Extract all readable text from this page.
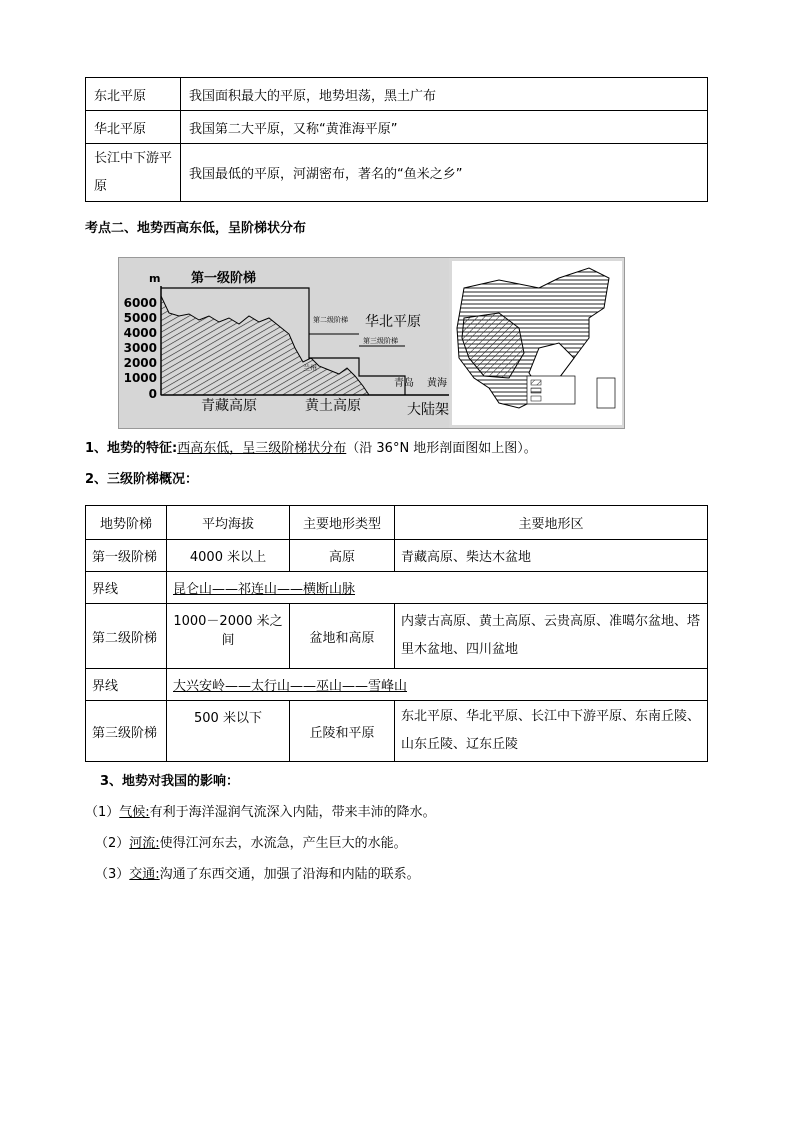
东北平原	我国面积最大的平原，地势坦荡，黑土广布
华北平原	我国第二大平原，又称“黄淮海平原”
长江中下游平原	我国最低的平原，河湖密布，著名的“鱼米之乡”
考点二、地势西高东低，呈阶梯状分布
m
6000
5000
4000
3000
2000
1000
0
第一级阶梯
第二级阶梯 华北平原
第三级阶梯
兰州
青岛 黄海
青藏高原	黄土高原	大陆架
1、地势的特征:西高东低，呈三级阶梯状分布（沿 36°N 地形剖面图如上图）。
2、三级阶梯概况：
地势阶梯	平均海拔	主要地形类型	主要地形区
第一级阶梯	4000 米以上	高原	青藏高原、柴达木盆地
界线	昆仑山——祁连山——横断山脉		
第二级阶梯	1000－2000 米之间	盆地和高原	内蒙古高原、黄土高原、云贵高原、准噶尔盆地、塔里木盆地、四川盆地
界线	大兴安岭——太行山——巫山——雪峰山		
第三级阶梯	500 米以下	丘陵和平原	东北平原、华北平原、长江中下游平原、东南丘陵、山东丘陵、辽东丘陵
3、地势对我国的影响：
（1）气候:有利于海洋湿润气流深入内陆，带来丰沛的降水。
（2）河流:使得江河东去，水流急，产生巨大的水能。
（3）交通:沟通了东西交通，加强了沿海和内陆的联系。
